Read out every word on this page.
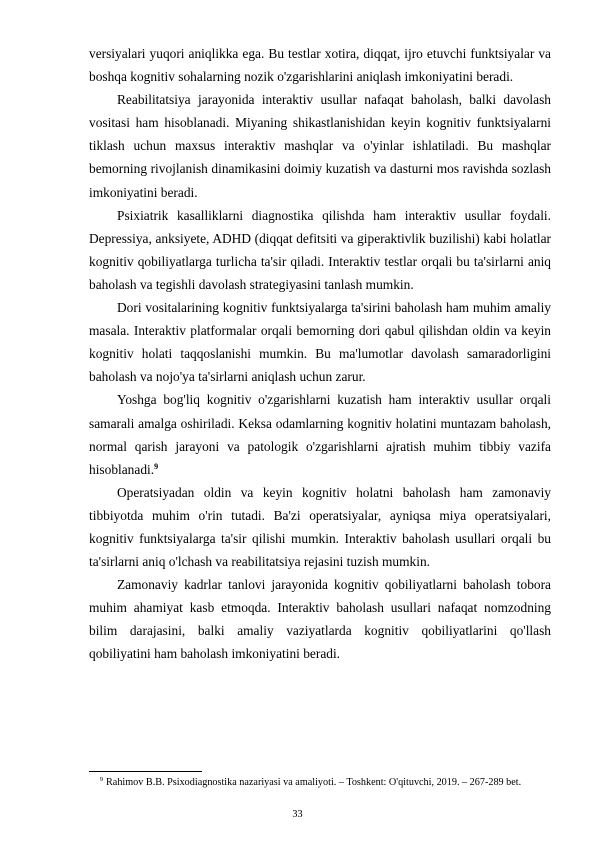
versiyalari yuqori aniqlikka ega. Bu testlar xotira, diqqat, ijro etuvchi funktsiyalar va boshqa kognitiv sohalarning nozik o'zgarishlarini aniqlash imkoniyatini beradi.

Reabilitatsiya jarayonida interaktiv usullar nafaqat baholash, balki davolash vositasi ham hisoblanadi. Miyaning shikastlanishidan keyin kognitiv funktsiyalarni tiklash uchun maxsus interaktiv mashqlar va o'yinlar ishlatiladi. Bu mashqlar bemorning rivojlanish dinamikasini doimiy kuzatish va dasturni mos ravishda sozlash imkoniyatini beradi.

Psixiatrik kasalliklarni diagnostika qilishda ham interaktiv usullar foydali. Depressiya, anksiyete, ADHD (diqqat defitsiti va giperaktivlik buzilishi) kabi holatlar kognitiv qobiliyatlarga turlicha ta'sir qiladi. Interaktiv testlar orqali bu ta'sirlarni aniq baholash va tegishli davolash strategiyasini tanlash mumkin.

Dori vositalarining kognitiv funktsiyalarga ta'sirini baholash ham muhim amaliy masala. Interaktiv platformalar orqali bemorning dori qabul qilishdan oldin va keyin kognitiv holati taqqoslanishi mumkin. Bu ma'lumotlar davolash samaradorligini baholash va nojo'ya ta'sirlarni aniqlash uchun zarur.

Yoshga bog'liq kognitiv o'zgarishlarni kuzatish ham interaktiv usullar orqali samarali amalga oshiriladi. Keksa odamlarning kognitiv holatini muntazam baholash, normal qarish jarayoni va patologik o'zgarishlarni ajratish muhim tibbiy vazifa hisoblanadi.$^9$

Operatsiyadan oldin va keyin kognitiv holatni baholash ham zamonaviy tibbiyotda muhim o'rin tutadi. Ba'zi operatsiyalar, ayniqsa miya operatsiyalari, kognitiv funktsiyalarga ta'sir qilishi mumkin. Interaktiv baholash usullari orqali bu ta'sirlarni aniq o'lchash va reabilitatsiya rejasini tuzish mumkin.

Zamonaviy kadrlar tanlovi jarayonida kognitiv qobiliyatlarni baholash tobora muhim ahamiyat kasb etmoqda. Interaktiv baholash usullari nafaqat nomzodning bilim darajasini, balki amaliy vaziyatlarda kognitiv qobiliyatlarini qo'llash qobiliyatini ham baholash imkoniyatini beradi.

$^9$ Rahimov B.B. Psixodiagnostika nazariyasi va amaliyoti. – Toshkent: O'qituvchi, 2019. – 267-289 bet.
33
